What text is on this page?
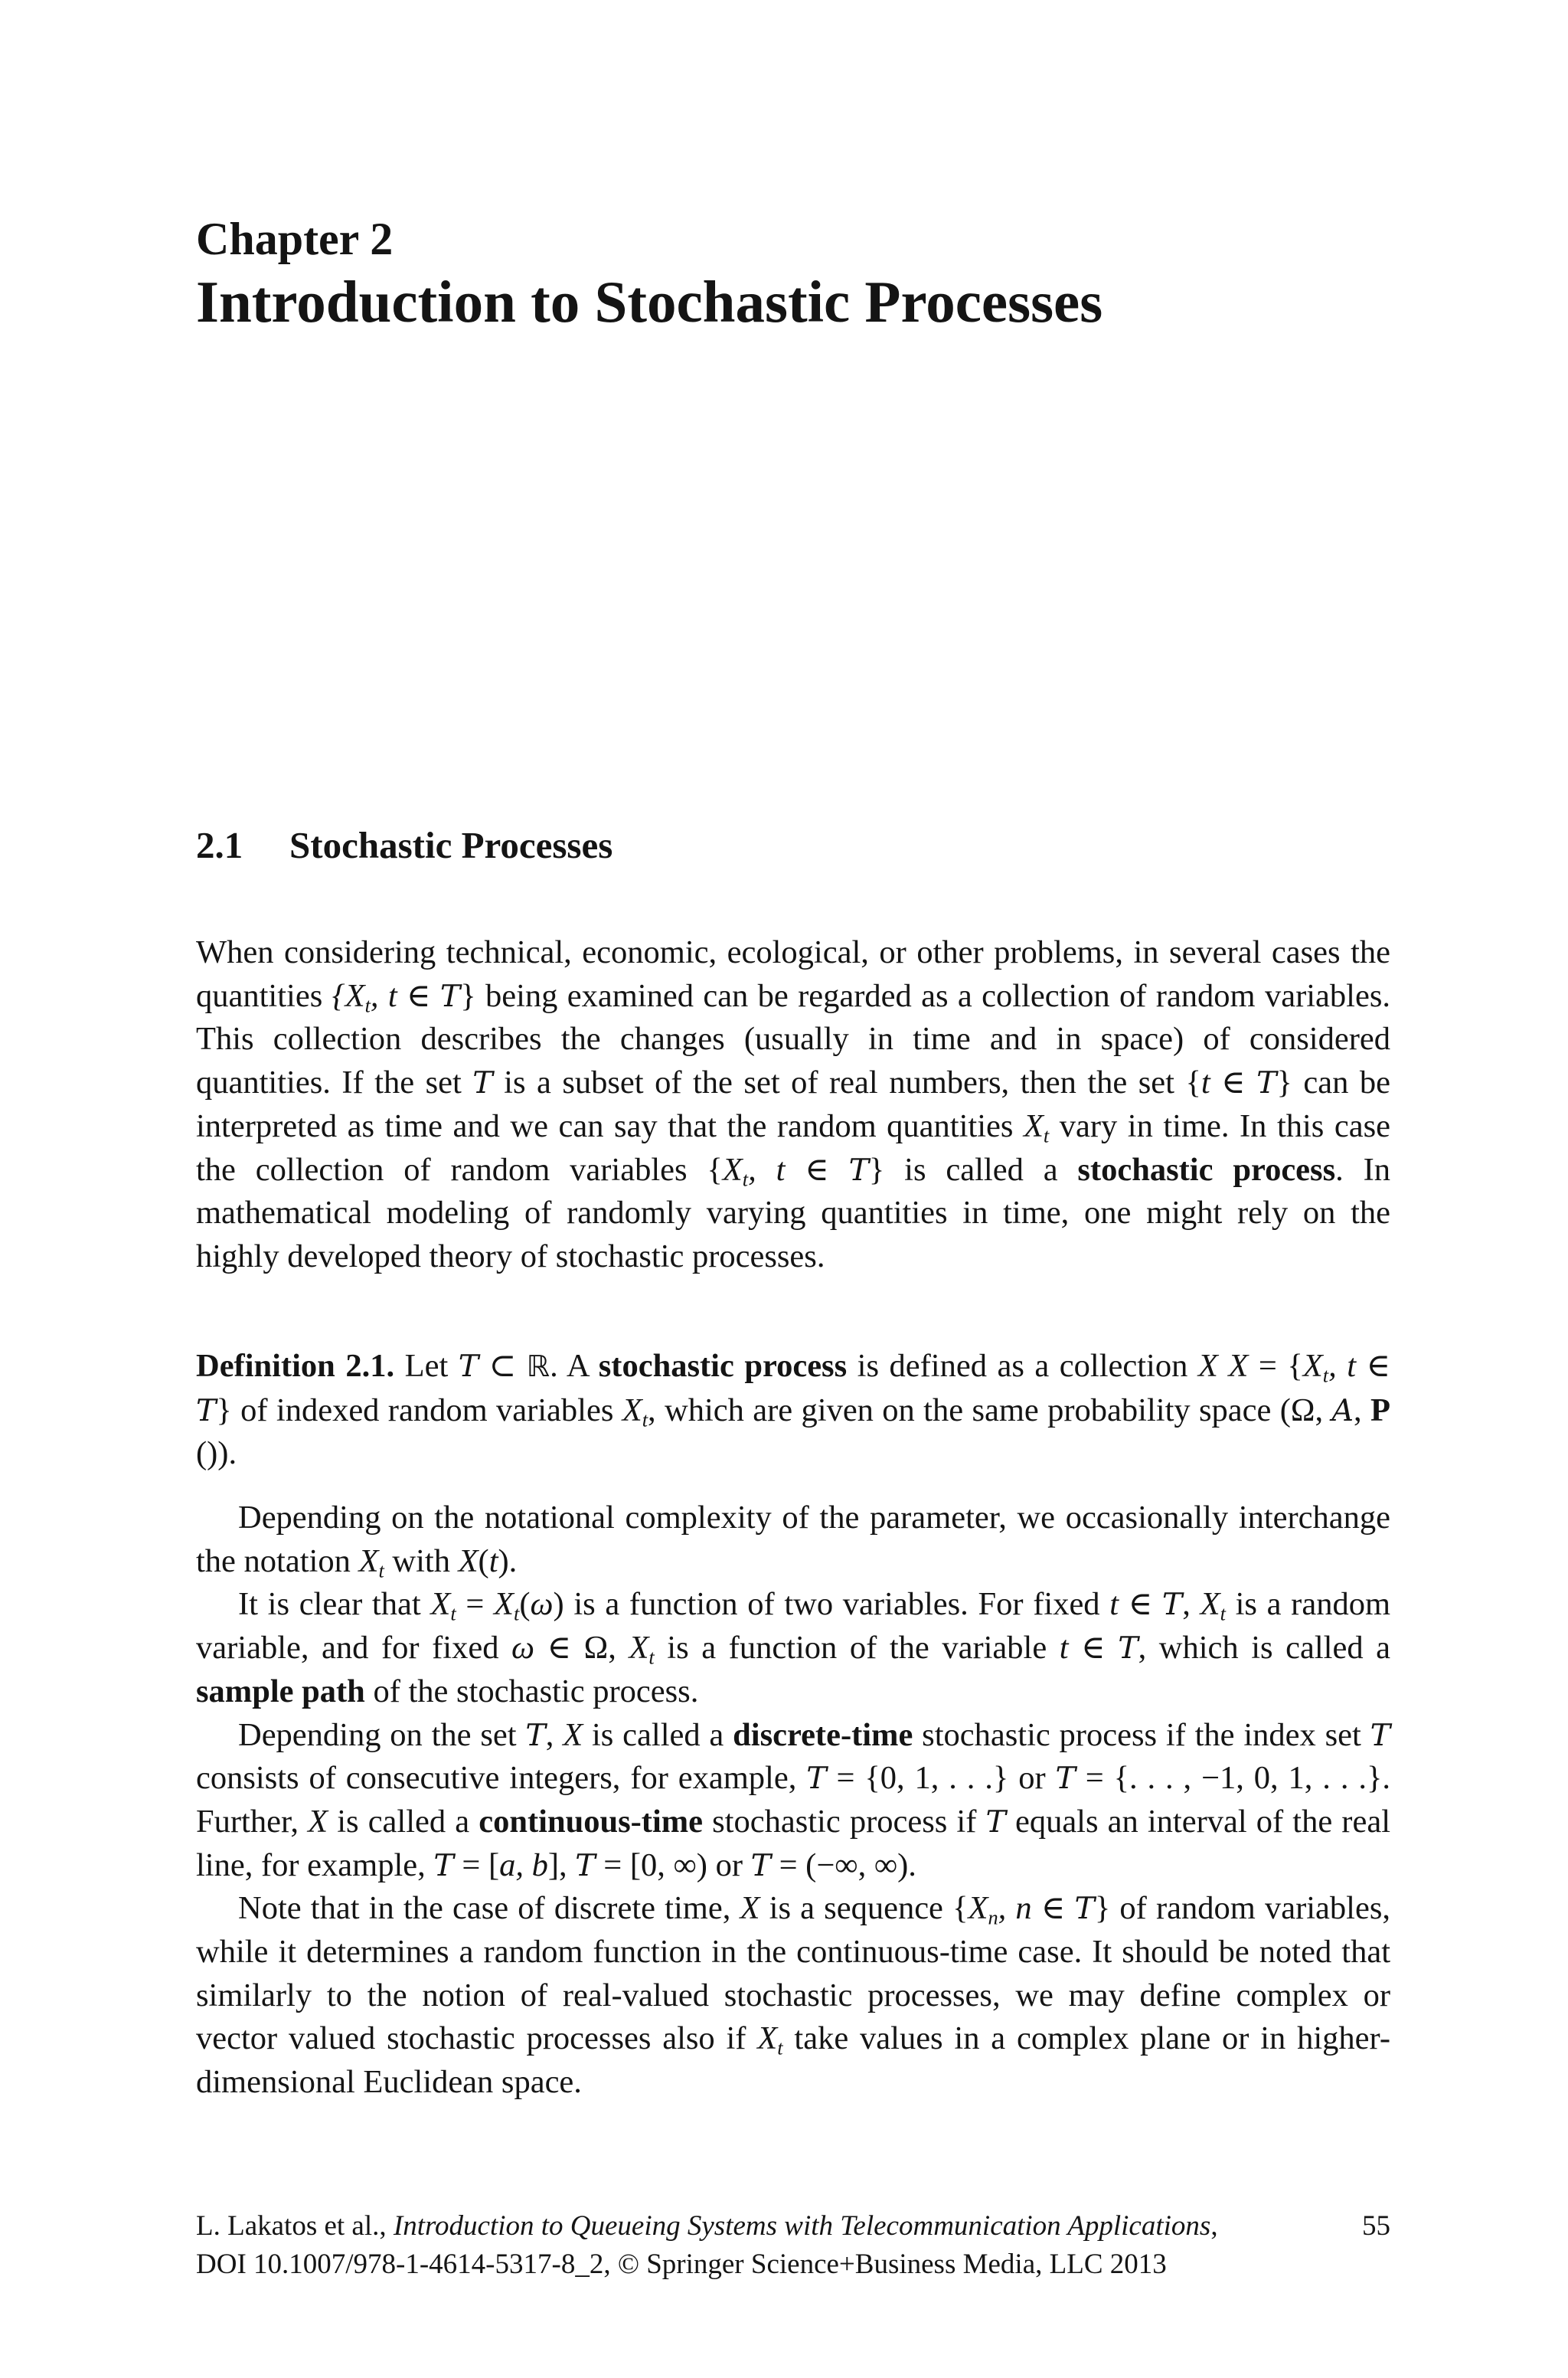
Chapter 2
Introduction to Stochastic Processes
2.1 Stochastic Processes

When considering technical, economic, ecological, or other problems, in several cases the quantities {$X_t$, t ∈ T} being examined can be regarded as a collection of random variables. This collection describes the changes (usually in time and in space) of considered quantities. If the set T is a subset of the set of real numbers, then the set {t ∈ T} can be interpreted as time and we can say that the random quantities $X_t$ vary in time. In this case the collection of random variables {$X_t$, t ∈ T} is called a stochastic process. In mathematical modeling of randomly varying quantities in time, one might rely on the highly developed theory of stochastic processes.

Definition 2.1. Let T ⊂ ℝ. A stochastic process is defined as a collection X $X = \{X_t$, t ∈ T} of indexed random variables $X_t$, which are given on the same probability space (Ω, A, P ()).

Depending on the notational complexity of the parameter, we occasionally interchange the notation $X_t$ with X(t).

It is clear that $X_t = X_t(\omega)$ is a function of two variables. For fixed t ∈ T, $X_t$ is a random variable, and for fixed ω ∈ Ω, $X_t$ is a function of the variable t ∈ T, which is called a sample path of the stochastic process.

Depending on the set T, X is called a discrete-time stochastic process if the index set T consists of consecutive integers, for example, T = {0, 1, . . .} or T = {. . . , −1, 0, 1, . . .}. Further, X is called a continuous-time stochastic process if T equals an interval of the real line, for example, T = [a, b], T = [0, ∞) or T = (−∞, ∞).

Note that in the case of discrete time, X is a sequence {$X_n$, n ∈ T} of random variables, while it determines a random function in the continuous-time case. It should be noted that similarly to the notion of real-valued stochastic processes, we may define complex or vector valued stochastic processes also if $X_t$ take values in a complex plane or in higher-dimensional Euclidean space.

L. Lakatos et al., Introduction to Queueing Systems with Telecommunication Applications,	55
DOI 10.1007/978-1-4614-5317-8_2, © Springer Science+Business Media, LLC 2013
